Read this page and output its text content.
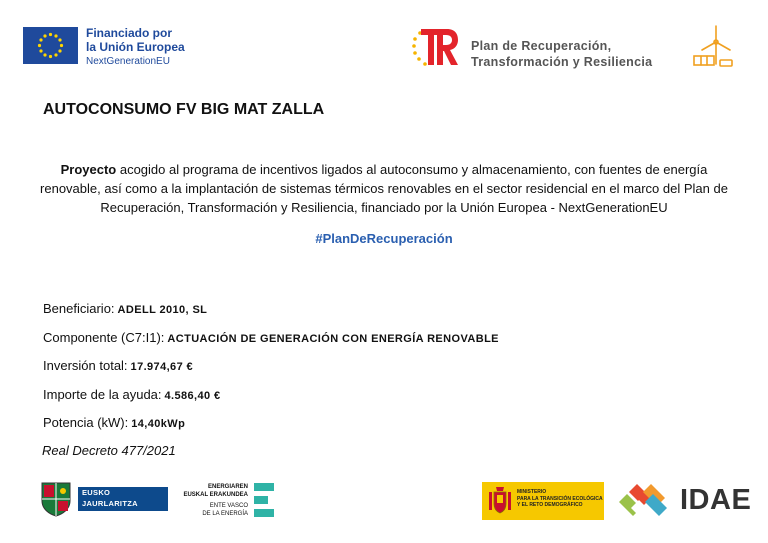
Financiado por
la Unión Europea
NextGenerationEU
Plan de Recuperación,
Transformación y Resiliencia
AUTOCONSUMO FV BIG MAT ZALLA
Proyecto acogido al programa de incentivos ligados al autoconsumo y almacenamiento, con fuentes de energía renovable, así como a la implantación de sistemas térmicos renovables en el sector residencial en el marco del Plan de Recuperación, Transformación y Resiliencia, financiado por la Unión Europea - NextGenerationEU
#PlanDeRecuperación
Beneficiario: ADELL 2010, SL
Componente (C7:I1): ACTUACIÓN DE GENERACIÓN CON ENERGÍA RENOVABLE
Inversión total: 17.974,67 €
Importe de la ayuda: 4.586,40 €
Potencia (kW): 14,40kWp
Real Decreto 477/2021
EUSKO JAURLARITZA
GOBIERNO VASCO
ENERGIAREN
EUSKAL ERAKUNDEA
ENTE VASCO
DE LA ENERGÍA
MINISTERIO
PARA LA TRANSICIÓN ECOLÓGICA
Y EL RETO DEMOGRÁFICO	IDAE
